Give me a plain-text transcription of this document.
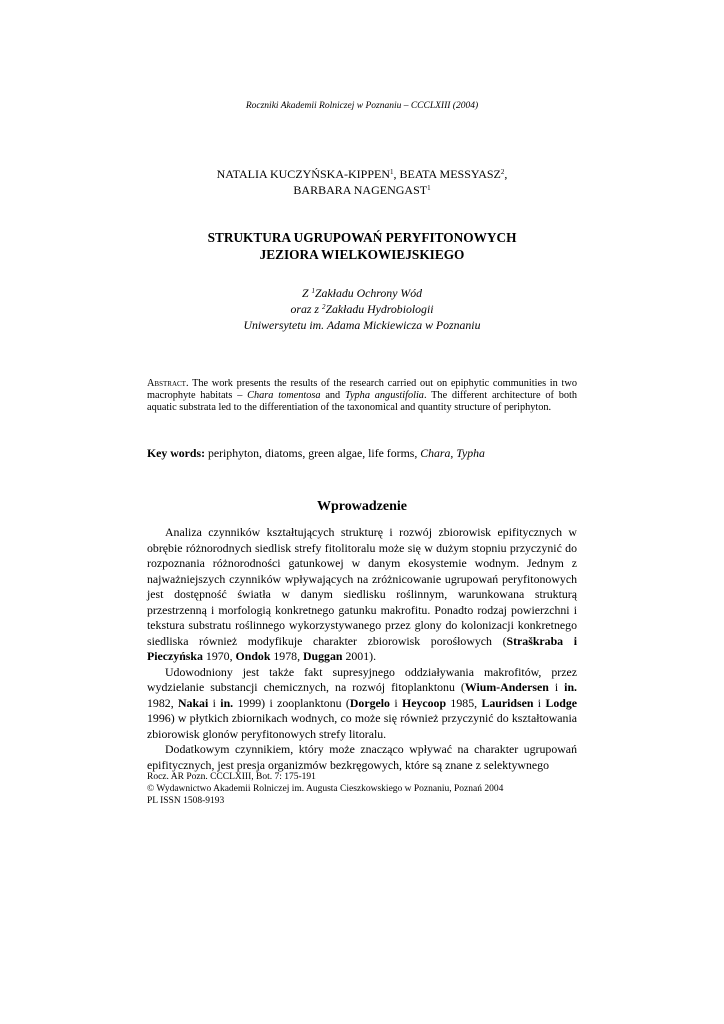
Roczniki Akademii Rolniczej w Poznaniu – CCCLXIII (2004)
NATALIA KUCZYŃSKA-KIPPEN$^1$, BEATA MESSYASZ$^2$,
BARBARA NAGENGAST$^1$
STRUKTURA UGRUPOWAŃ PERYFITONOWYCH
JEZIORA WIELKOWIEJSKIEGO
Z $^1$Zakładu Ochrony Wód
oraz z $^2$Zakładu Hydrobiologii
Uniwersytetu im. Adama Mickiewicza w Poznaniu
Abstract. The work presents the results of the research carried out on epiphytic communities in two macrophyte habitats – Chara tomentosa and Typha angustifolia. The different architecture of both aquatic substrata led to the differentiation of the taxonomical and quantity structure of periphyton.
Key words: periphyton, diatoms, green algae, life forms, Chara, Typha
Wprowadzenie

Analiza czynników kształtujących strukturę i rozwój zbiorowisk epifitycznych w obrębie różnorodnych siedlisk strefy fitolitoralu może się w dużym stopniu przyczynić do rozpoznania różnorodności gatunkowej w danym ekosystemie wodnym. Jednym z najważniejszych czynników wpływających na zróżnicowanie ugrupowań peryfitonowych jest dostępność światła w danym siedlisku roślinnym, warunkowana strukturą przestrzenną i morfologią konkretnego gatunku makrofitu. Ponadto rodzaj powierzchni i tekstura substratu roślinnego wykorzystywanego przez glony do kolonizacji konkretnego siedliska również modyfikuje charakter zbiorowisk porośłowych (Straškraba i Pieczyńska 1970, Ondok 1978, Duggan 2001).

Udowodniony jest także fakt supresyjnego oddziaływania makrofitów, przez wydzielanie substancji chemicznych, na rozwój fitoplanktonu (Wium-Andersen i in. 1982, Nakai i in. 1999) i zooplanktonu (Dorgelo i Heycoop 1985, Lauridsen i Lodge 1996) w płytkich zbiornikach wodnych, co może się również przyczynić do kształtowania zbiorowisk glonów peryfitonowych strefy litoralu.

Dodatkowym czynnikiem, który może znacząco wpływać na charakter ugrupowań epifitycznych, jest presja organizmów bezkręgowych, które są znane z selektywnego

Rocz. AR Pozn. CCCLXIII, Bot. 7: 175-191
© Wydawnictwo Akademii Rolniczej im. Augusta Cieszkowskiego w Poznaniu, Poznań 2004
PL ISSN 1508-9193
